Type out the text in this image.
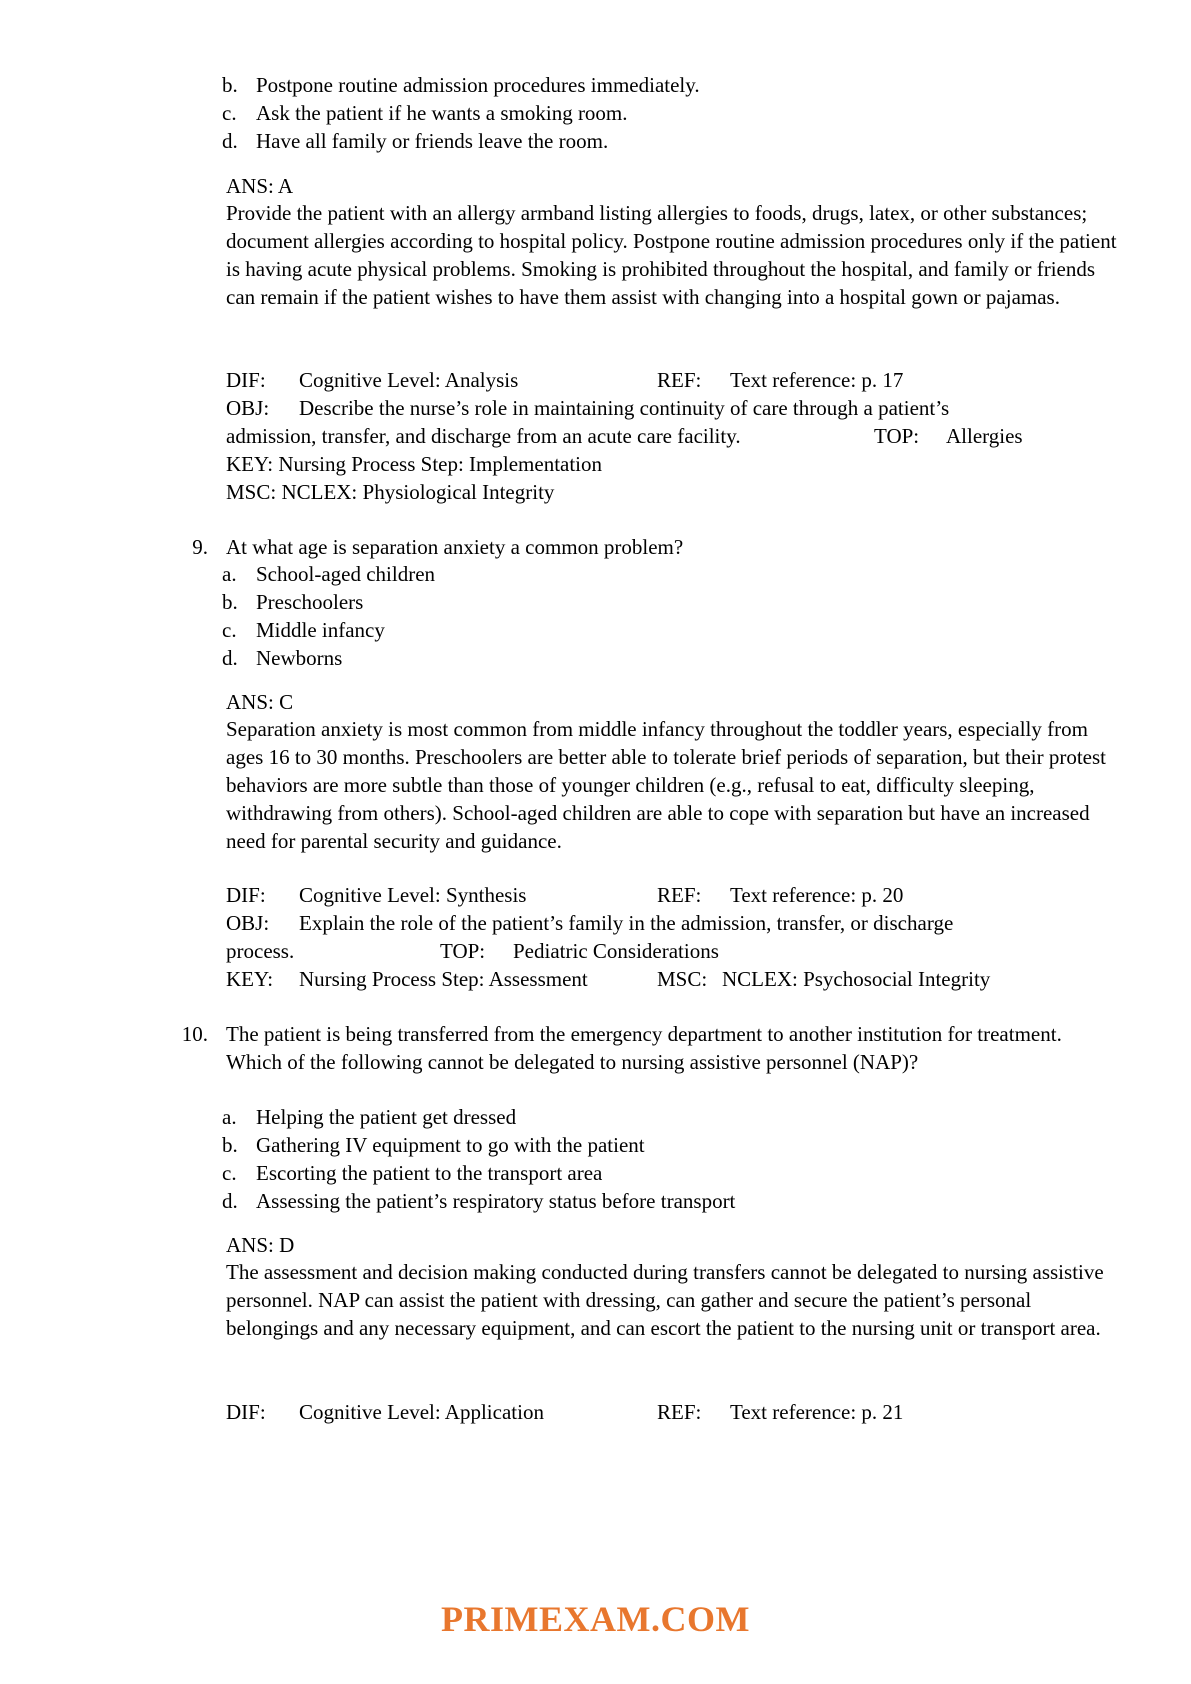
b. Postpone routine admission procedures immediately.
c. Ask the patient if he wants a smoking room.
d. Have all family or friends leave the room.
ANS: A
Provide the patient with an allergy armband listing allergies to foods, drugs, latex, or other substances; document allergies according to hospital policy. Postpone routine admission procedures only if the patient is having acute physical problems. Smoking is prohibited throughout the hospital, and family or friends can remain if the patient wishes to have them assist with changing into a hospital gown or pajamas.
DIF: Cognitive Level: Analysis	REF: Text reference: p. 17
OBJ: Describe the nurse’s role in maintaining continuity of care through a patient’s
admission, transfer, and discharge from an acute care facility.	TOP: Allergies
KEY: Nursing Process Step: Implementation
MSC: NCLEX: Physiological Integrity
9. At what age is separation anxiety a common problem?
a. School-aged children
b. Preschoolers
c. Middle infancy
d. Newborns
ANS: C
Separation anxiety is most common from middle infancy throughout the toddler years, especially from ages 16 to 30 months. Preschoolers are better able to tolerate brief periods of separation, but their protest behaviors are more subtle than those of younger children (e.g., refusal to eat, difficulty sleeping, withdrawing from others). School-aged children are able to cope with separation but have an increased need for parental security and guidance.
DIF: Cognitive Level: Synthesis	REF: Text reference: p. 20
OBJ: Explain the role of the patient’s family in the admission, transfer, or discharge
process.	TOP: Pediatric Considerations
KEY: Nursing Process Step: Assessment	MSC: NCLEX: Psychosocial Integrity
10. The patient is being transferred from the emergency department to another institution for treatment. Which of the following cannot be delegated to nursing assistive personnel (NAP)?
a. Helping the patient get dressed
b. Gathering IV equipment to go with the patient
c. Escorting the patient to the transport area
d. Assessing the patient’s respiratory status before transport
ANS: D
The assessment and decision making conducted during transfers cannot be delegated to nursing assistive personnel. NAP can assist the patient with dressing, can gather and secure the patient’s personal belongings and any necessary equipment, and can escort the patient to the nursing unit or transport area.
DIF: Cognitive Level: Application	REF: Text reference: p. 21
PRIMEXAM.COM
